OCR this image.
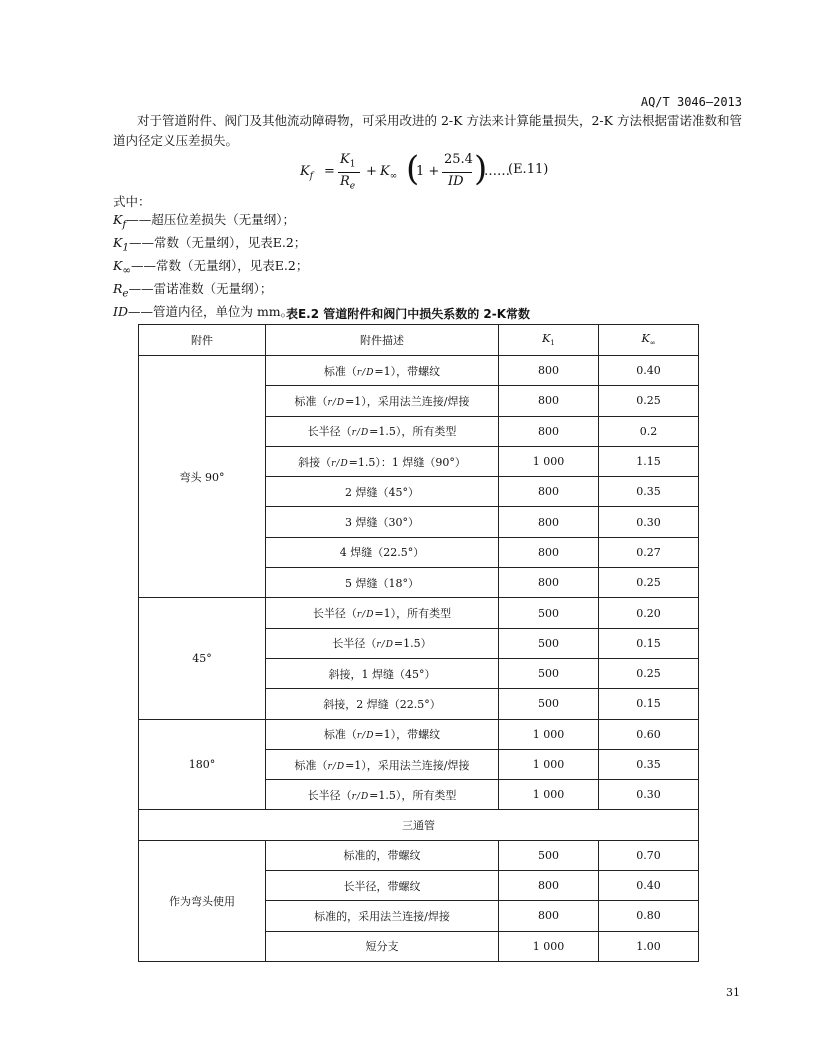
AQ/T 3046—2013
对于管道附件、阀门及其他流动障碍物，可采用改进的 2-K 方法来计算能量损失，2-K 方法根据雷诺准数和管道内径定义压差损失。
$K_f$ =
$K_1$
$R_e$
+ $K_\infty$ (
1 +
25.4
ID )
……
(E.11)
式中：
$K_f——$超压位差损失（无量纲）；
$K_1——$常数（无量纲），见表E.2；
$K_\infty——$常数（无量纲），见表E.2；
$R_e——$雷诺准数（无量纲）；
ID——管道内径，单位为 mm。
表E.2 管道附件和阀门中损失系数的 2-K常数
附件	附件描述	$K_1$	$K_\infty$
弯头 90°	标准（r/D=1），带螺纹	800	0.40
	标准（r/D=1），采用法兰连接/焊接	800	0.25
	长半径（r/D=1.5），所有类型	800	0.2
	斜接（r/D=1.5）：1 焊缝（90°）	1 000	1.15
	2 焊缝（45°）	800	0.35
	3 焊缝（30°）	800	0.30
	4 焊缝（22.5°）	800	0.27
	5 焊缝（18°）	800	0.25
45°	长半径（r/D=1），所有类型	500	0.20
	长半径（r/D=1.5）	500	0.15
	斜接，1 焊缝（45°）	500	0.25
	斜接，2 焊缝（22.5°）	500	0.15
180°	标准（r/D=1），带螺纹	1 000	0.60
	标准（r/D=1），采用法兰连接/焊接	1 000	0.35
	长半径（r/D=1.5），所有类型	1 000	0.30
三通管			
作为弯头使用	标准的，带螺纹	500	0.70
	长半径，带螺纹	800	0.40
	标准的，采用法兰连接/焊接	800	0.80
	短分支	1 000	1.00
31
